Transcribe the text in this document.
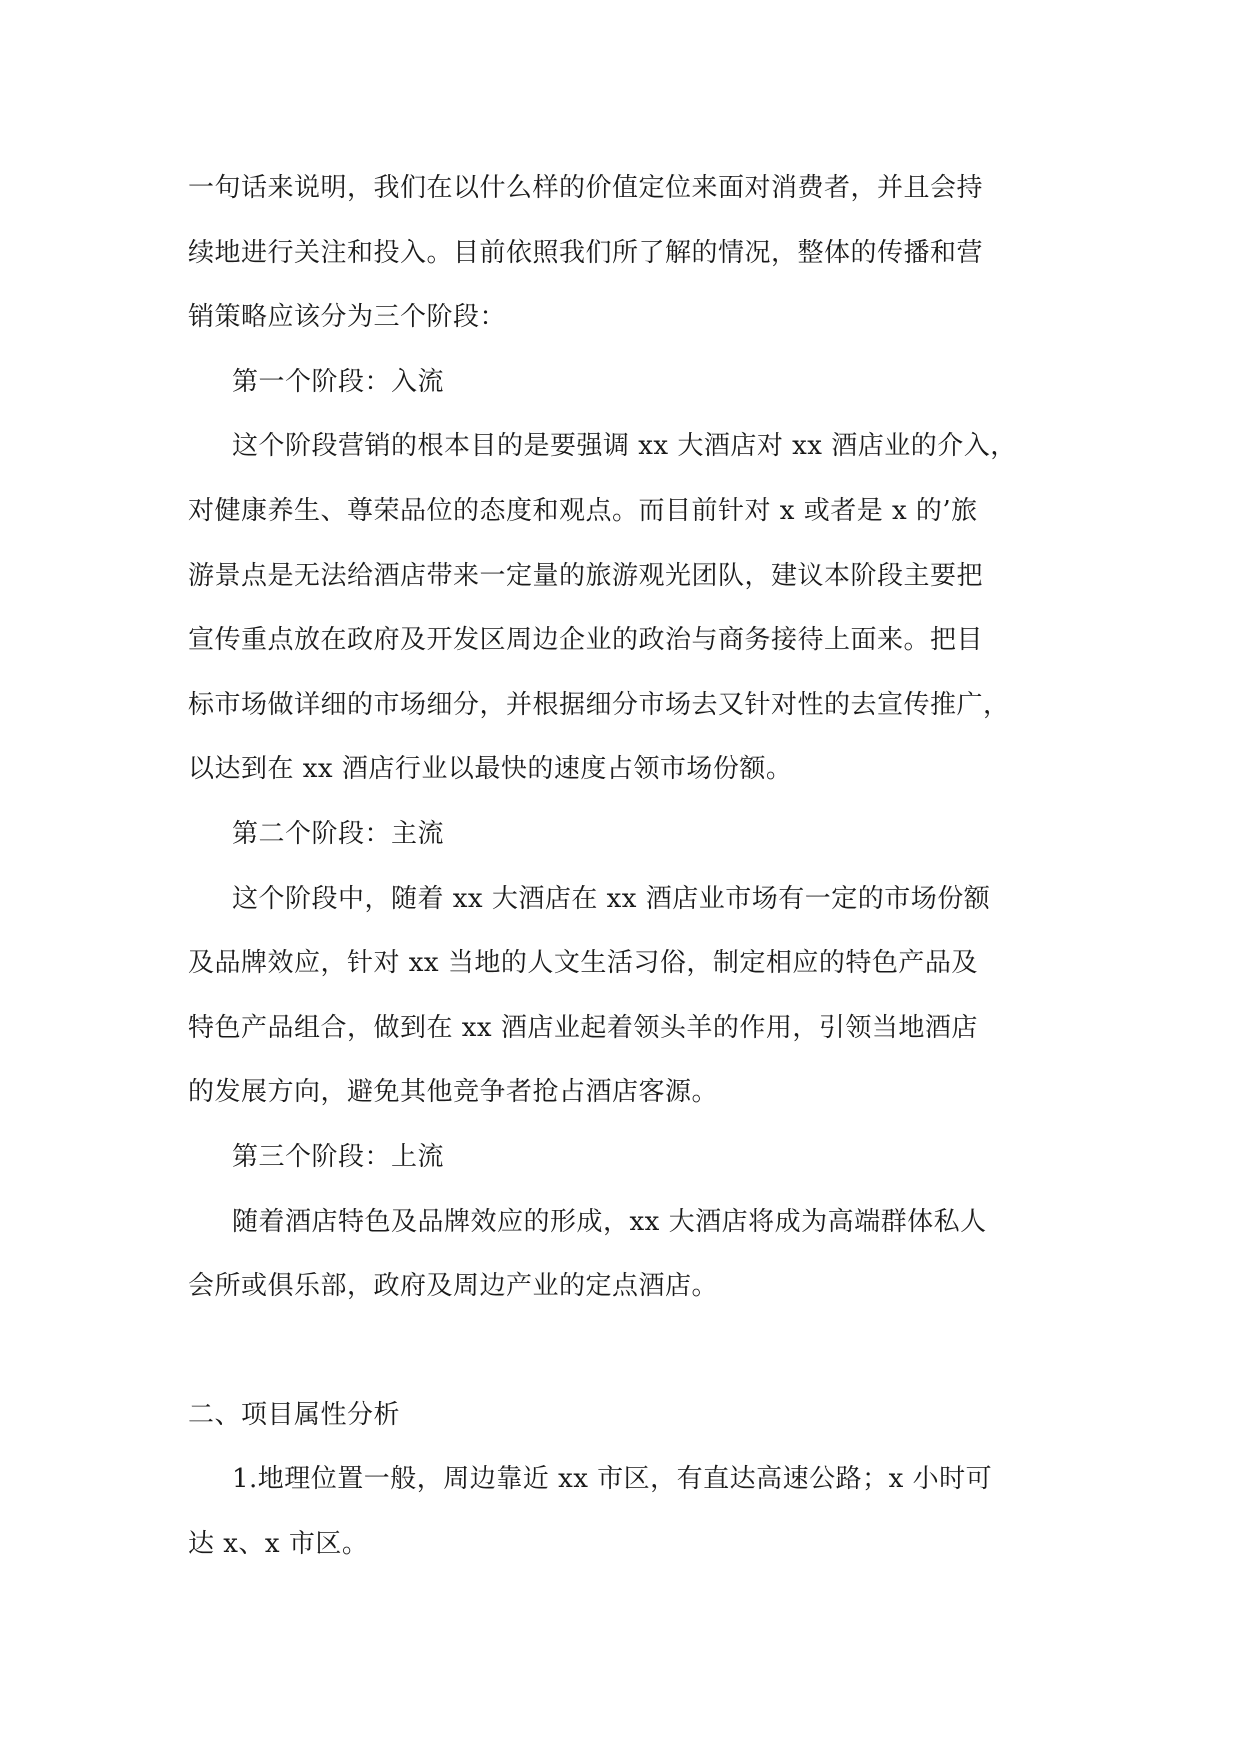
一句话来说明，我们在以什么样的价值定位来面对消费者，并且会持
续地进行关注和投入。目前依照我们所了解的情况，整体的传播和营
销策略应该分为三个阶段：
第一个阶段：入流
这个阶段营销的根本目的是要强调 xx 大酒店对 xx 酒店业的介入，
对健康养生、尊荣品位的态度和观点。而目前针对 x 或者是 x 的’旅
游景点是无法给酒店带来一定量的旅游观光团队，建议本阶段主要把
宣传重点放在政府及开发区周边企业的政治与商务接待上面来。把目
标市场做详细的市场细分，并根据细分市场去又针对性的去宣传推广，
以达到在 xx 酒店行业以最快的速度占领市场份额。
第二个阶段：主流
这个阶段中，随着 xx 大酒店在 xx 酒店业市场有一定的市场份额
及品牌效应，针对 xx 当地的人文生活习俗，制定相应的特色产品及
特色产品组合，做到在 xx 酒店业起着领头羊的作用，引领当地酒店
的发展方向，避免其他竞争者抢占酒店客源。
第三个阶段：上流
随着酒店特色及品牌效应的形成，xx 大酒店将成为高端群体私人
会所或俱乐部，政府及周边产业的定点酒店。
二、项目属性分析
1.地理位置一般，周边靠近 xx 市区，有直达高速公路；x 小时可
达 x、x 市区。
